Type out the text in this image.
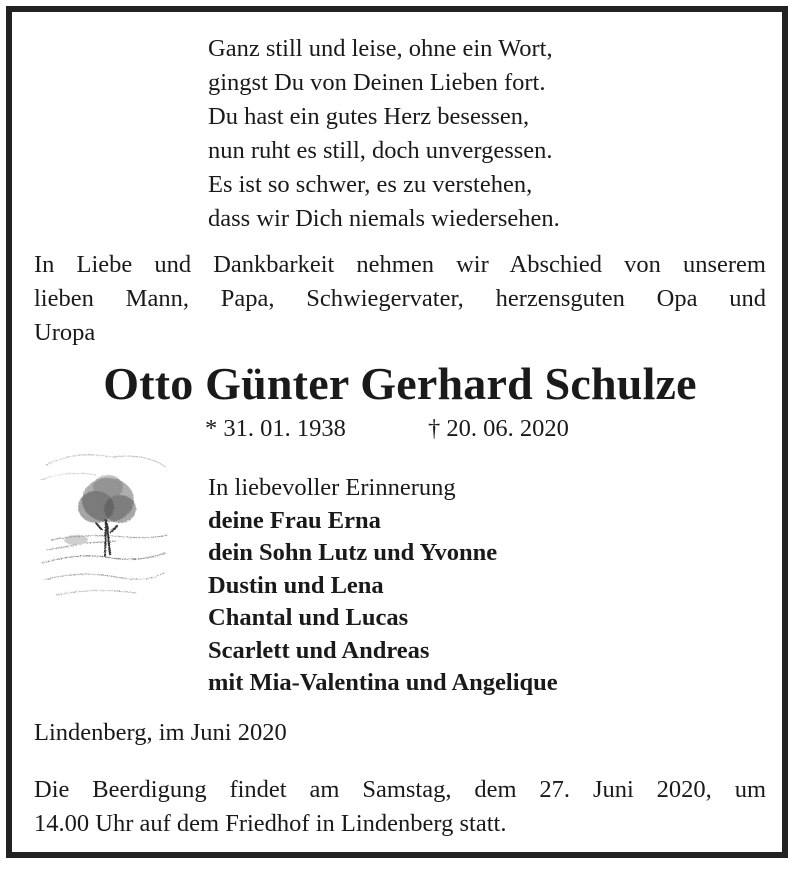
Ganz still und leise, ohne ein Wort,
gingst Du von Deinen Lieben fort.
Du hast ein gutes Herz besessen,
nun ruht es still, doch unvergessen.
Es ist so schwer, es zu verstehen,
dass wir Dich niemals wiedersehen.
In Liebe und Dankbarkeit nehmen wir Abschied von unserem
lieben Mann, Papa, Schwiegervater, herzensguten Opa und
Uropa
Otto Günter Gerhard Schulze
* 31. 01. 1938	† 20. 06. 2020
In liebevoller Erinnerung
deine Frau Erna
dein Sohn Lutz und Yvonne
Dustin und Lena
Chantal und Lucas
Scarlett und Andreas
mit Mia-Valentina und Angelique
Lindenberg, im Juni 2020
Die Beerdigung findet am Samstag, dem 27. Juni 2020, um
14.00 Uhr auf dem Friedhof in Lindenberg statt.
